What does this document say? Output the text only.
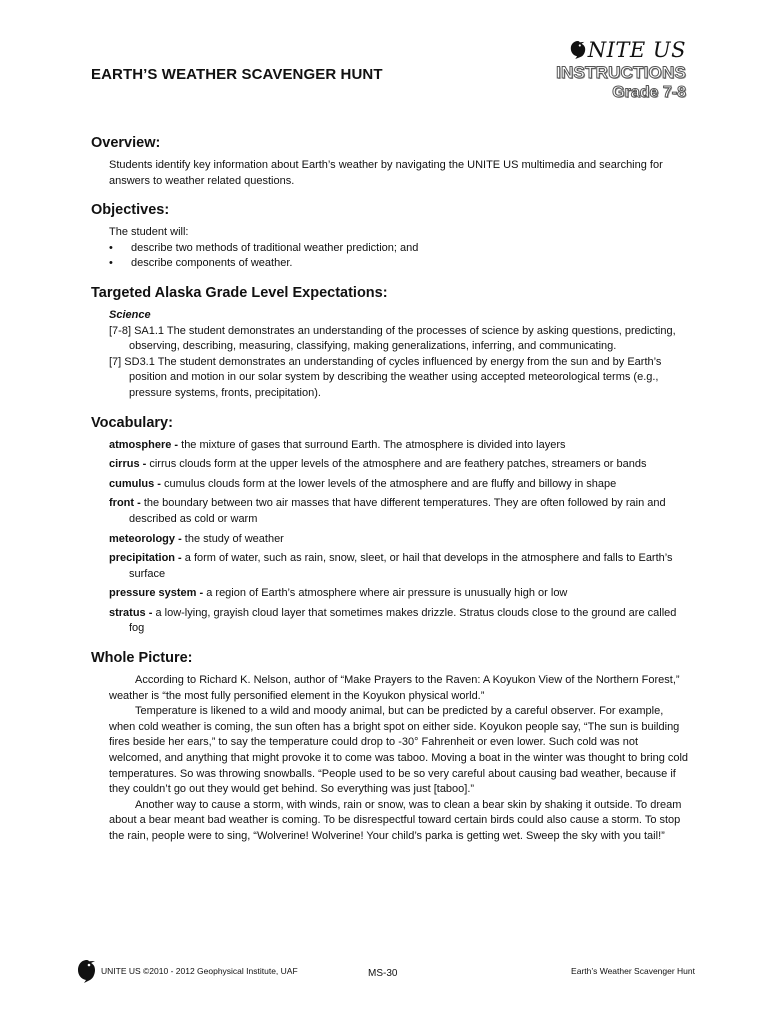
NITE US
INSTRUCTIONS
Grade 7-8
EARTH’S WEATHER SCAVENGER HUNT
Overview:
Students identify key information about Earth’s weather by navigating the UNITE US multimedia and searching for answers to weather related questions.
Objectives:
The student will:
• describe two methods of traditional weather prediction; and
• describe components of weather.
Targeted Alaska Grade Level Expectations:
Science
[7-8] SA1.1 The student demonstrates an understanding of the processes of science by asking questions, predicting, observing, describing, measuring, classifying, making generalizations, inferring, and communicating.
[7] SD3.1 The student demonstrates an understanding of cycles influenced by energy from the sun and by Earth’s position and motion in our solar system by describing the weather using accepted meteorological terms (e.g., pressure systems, fronts, precipitation).
Vocabulary:
atmosphere - the mixture of gases that surround Earth. The atmosphere is divided into layers
cirrus - cirrus clouds form at the upper levels of the atmosphere and are feathery patches, streamers or bands
cumulus - cumulus clouds form at the lower levels of the atmosphere and are fluffy and billowy in shape
front - the boundary between two air masses that have different temperatures. They are often followed by rain and described as cold or warm
meteorology - the study of weather
precipitation - a form of water, such as rain, snow, sleet, or hail that develops in the atmosphere and falls to Earth’s surface
pressure system - a region of Earth’s atmosphere where air pressure is unusually high or low
stratus - a low-lying, grayish cloud layer that sometimes makes drizzle. Stratus clouds close to the ground are called fog
Whole Picture:

According to Richard K. Nelson, author of “Make Prayers to the Raven: A Koyukon View of the Northern Forest,” weather is “the most fully personified element in the Koyukon physical world.”

Temperature is likened to a wild and moody animal, but can be predicted by a careful observer. For example, when cold weather is coming, the sun often has a bright spot on either side. Koyukon people say, “The sun is building fires beside her ears,” to say the temperature could drop to -30° Fahrenheit or even lower. Such cold was not welcomed, and anything that might provoke it to come was taboo. Moving a boat in the winter was thought to bring cold temperatures. So was throwing snowballs. “People used to be so very careful about causing bad weather, because if they couldn’t go out they would get behind. So everything was just [taboo].”

Another way to cause a storm, with winds, rain or snow, was to clean a bear skin by shaking it outside. To dream about a bear meant bad weather is coming. To be disrespectful toward certain birds could also cause a storm. To stop the rain, people were to sing, “Wolverine! Wolverine! Your child’s parka is getting wet. Sweep the sky with you tail!”

UNITE US ©2010 - 2012 Geophysical Institute, UAF	MS-30	Earth’s Weather Scavenger Hunt
